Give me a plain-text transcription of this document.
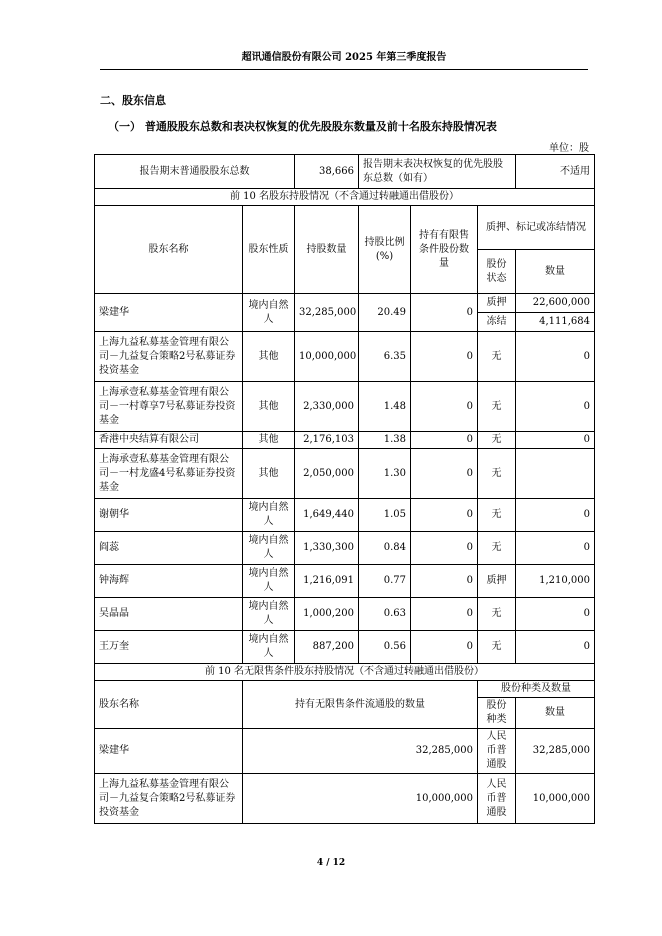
超讯通信股份有限公司 2025 年第三季度报告
二、股东信息
（一） 普通股股东总数和表决权恢复的优先股股东数量及前十名股东持股情况表
单位：股
报告期末普通股股东总数		38,666	报告期末表决权恢复的优先股股东总数（如有）			不适用
前 10 名股东持股情况（不含通过转融通出借股份）						
股东名称	股东性质	持股数量	持股比例(%)	持有有限售条件股份数量	质押、标记或冻结情况	
					股份状态	数量
梁建华	境内自然人	32,285,000	20.49	0	质押	22,600,000
					冻结	4,111,684
上海九益私募基金管理有限公司－九益复合策略2号私募证券投资基金	其他	10,000,000	6.35	0	无	0
上海承壹私募基金管理有限公司－一村尊享7号私募证券投资基金	其他	2,330,000	1.48	0	无	0
香港中央结算有限公司	其他	2,176,103	1.38	0	无	0
上海承壹私募基金管理有限公司－一村龙盛4号私募证券投资基金	其他	2,050,000	1.30	0	无	
谢朝华	境内自然人	1,649,440	1.05	0	无	0
阎蕊	境内自然人	1,330,300	0.84	0	无	0
钟海辉	境内自然人	1,216,091	0.77	0	质押	1,210,000
吴晶晶	境内自然人	1,000,200	0.63	0	无	0
王万奎	境内自然人	887,200	0.56	0	无	0
前 10 名无限售条件股东持股情况（不含通过转融通出借股份）						
股东名称	持有无限售条件流通股的数量				股份种类及数量	
					股份种类	数量
梁建华	32,285,000				人民币普通股	32,285,000
上海九益私募基金管理有限公司－九益复合策略2号私募证券投资基金	10,000,000				人民币普通股	10,000,000
4 / 12
